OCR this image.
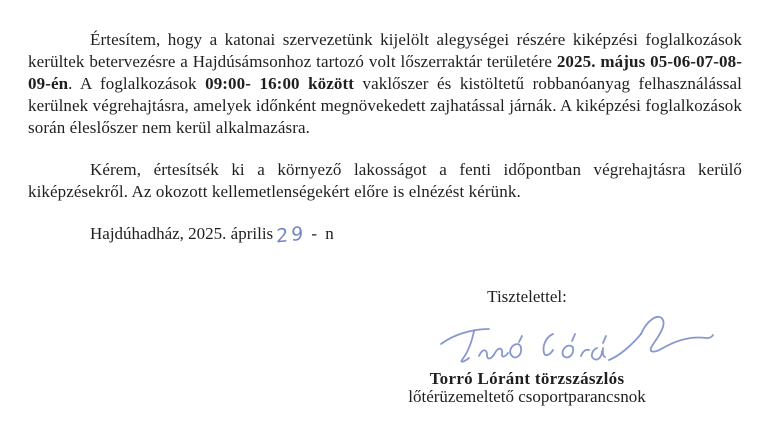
Értesítem, hogy a katonai szervezetünk kijelölt alegységei részére kiképzési foglalkozások kerültek betervezésre a Hajdúsámsonhoz tartozó volt lőszerraktár területére 2025. május 05-06-07-08-09-én. A foglalkozások 09:00- 16:00 között vaklőszer és kistöltetű robbanóanyag felhasználással kerülnek végrehajtásra, amelyek időnként megnövekedett zajhatással járnák. A kiképzési foglalkozások során éleslőszer nem kerül alkalmazásra.

Kérem, értesítsék ki a környező lakosságot a fenti időpontban végrehajtásra kerülő kiképzésekről. Az okozott kellemetlenségekért előre is elnézést kérünk.

Hajdúhadház, 2025. április 29 - n
Tisztelettel:
Torró Lóránt törzszászlós
lőtérüzemeltető csoportparancsnok
